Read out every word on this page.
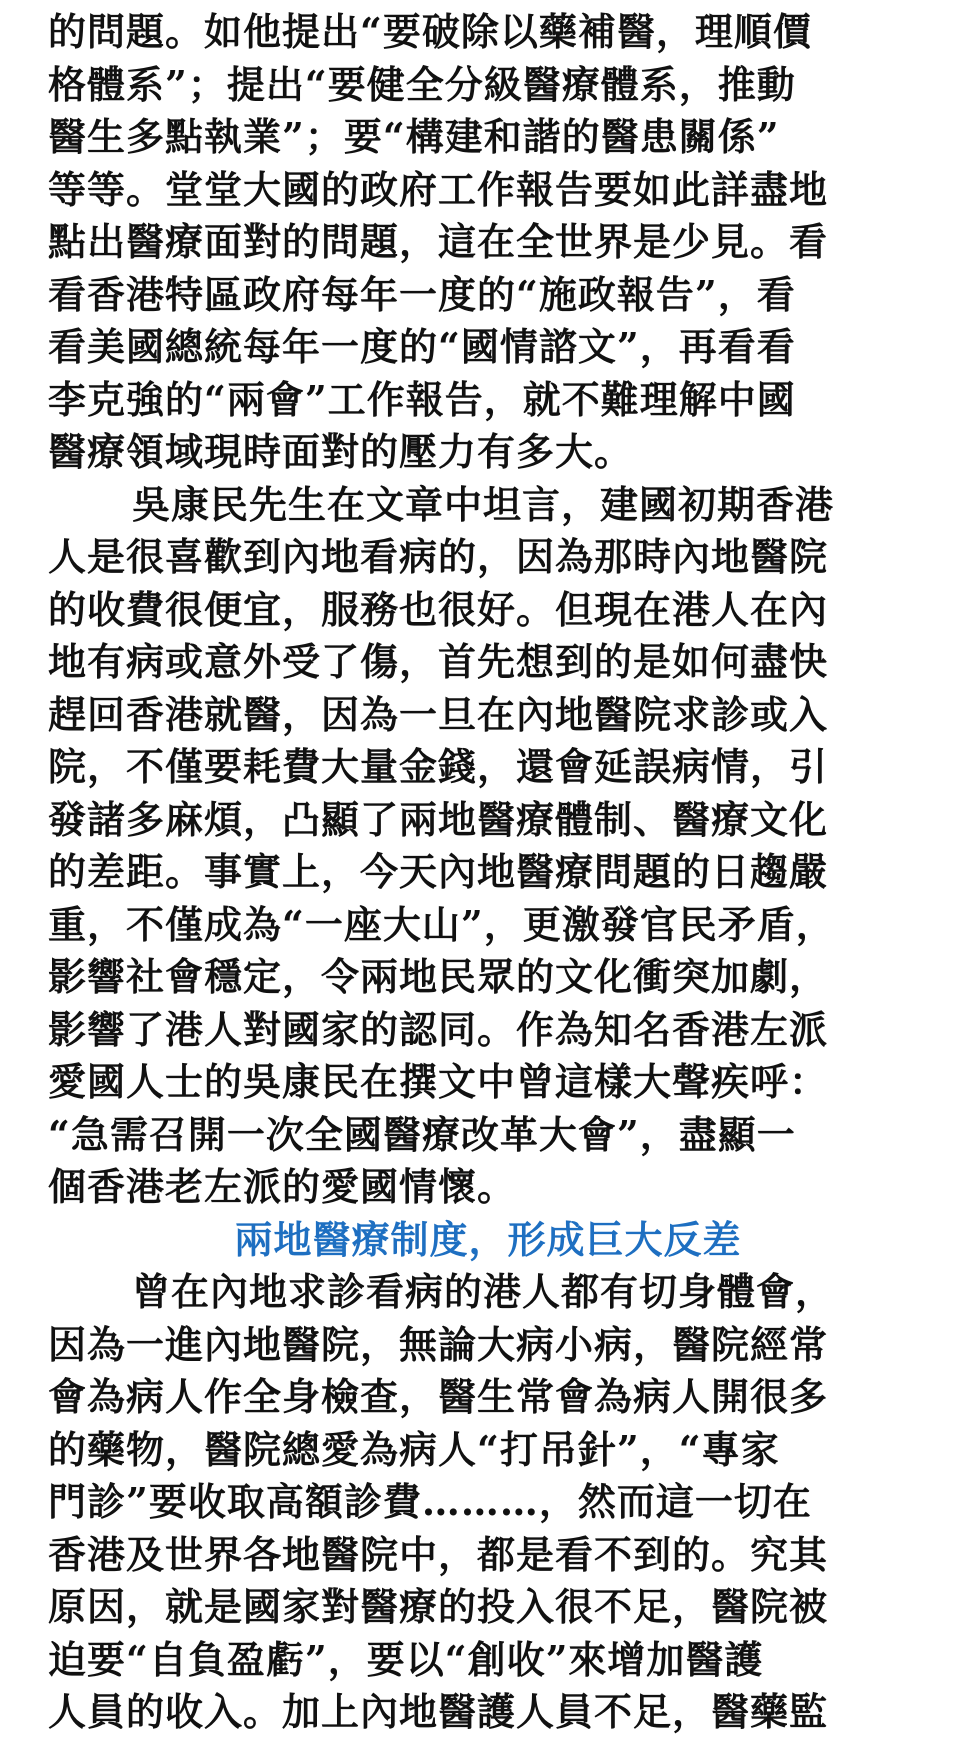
的問題。如他提出“要破除以藥補醫，理順價
格體系”；提出“要健全分級醫療體系，推動
醫生多點執業”；要“構建和諧的醫患關係”
等等。堂堂大國的政府工作報告要如此詳盡地
點出醫療面對的問題，這在全世界是少見。看
看香港特區政府每年一度的“施政報告”，看
看美國總統每年一度的“國情諮文”，再看看
李克強的“兩會”工作報告，就不難理解中國
醫療領域現時面對的壓力有多大。
吳康民先生在文章中坦言，建國初期香港
人是很喜歡到內地看病的，因為那時內地醫院
的收費很便宜，服務也很好。但現在港人在內
地有病或意外受了傷，首先想到的是如何盡快
趕回香港就醫，因為一旦在內地醫院求診或入
院，不僅要耗費大量金錢，還會延誤病情，引
發諸多麻煩，凸顯了兩地醫療體制、醫療文化
的差距。事實上，今天內地醫療問題的日趨嚴
重，不僅成為“一座大山”，更激發官民矛盾，
影響社會穩定，令兩地民眾的文化衝突加劇，
影響了港人對國家的認同。作為知名香港左派
愛國人士的吳康民在撰文中曾這樣大聲疾呼：
“急需召開一次全國醫療改革大會”，盡顯一
個香港老左派的愛國情懷。
兩地醫療制度，形成巨大反差
曾在內地求診看病的港人都有切身體會，
因為一進內地醫院，無論大病小病，醫院經常
會為病人作全身檢查，醫生常會為病人開很多
的藥物，醫院總愛為病人“打吊針”，“專家
門診”要收取高額診費………，然而這一切在
香港及世界各地醫院中，都是看不到的。究其
原因，就是國家對醫療的投入很不足，醫院被
迫要“自負盈虧”，要以“創收”來增加醫護
人員的收入。加上內地醫護人員不足，醫藥監
